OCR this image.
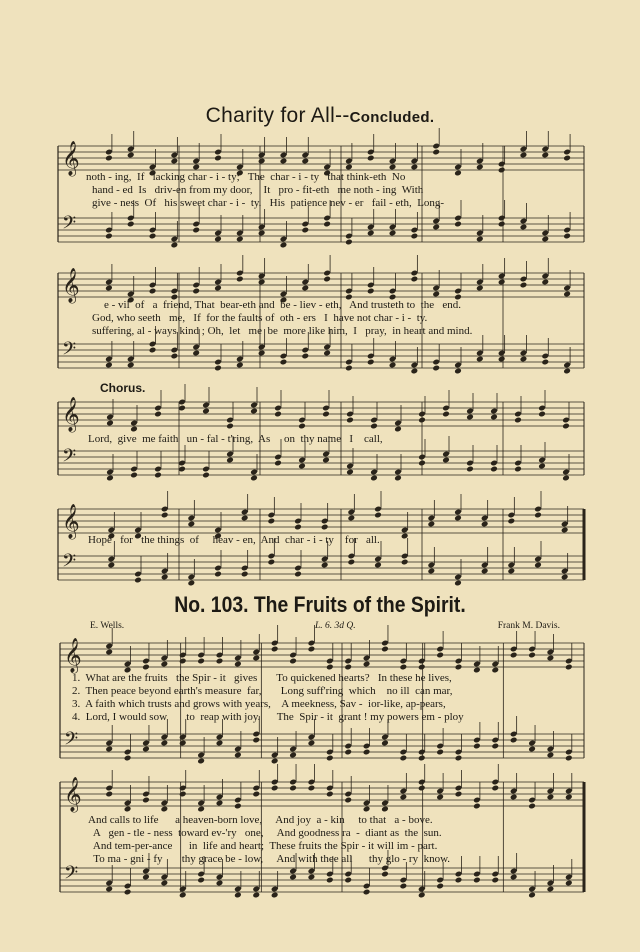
Charity for All--Concluded.
𝄞
𝄢
𝄞
𝄢
𝄞
𝄢
𝄞
𝄢
𝄞
𝄢
𝄞
𝄢
noth - ing,  If   lacking char - i - ty;   The  char - i - ty   that think-eth  No
hand - ed  Is   driv-en from my door,    It   pro - fit-eth   me noth - ing  With
give - ness  Of   his sweet char - i -  ty.   His  patience nev - er   fail - eth,  Long-
e - vil  of   a  friend, That  bear-eth and  be - liev - eth,   And trusteth to  the   end.
God, who seeth   me,   If  for the faults of  oth - ers   I  have not char - i -  ty.
suffering, al - ways kind ; Oh,  let   me  be  more like him,  I   pray,  in heart and mind.
Chorus.
Lord,  give  me faith   un - fal - t'ring,  As     on  thy name   I    call,
Hope   for   the things  of     heav - en,  And  char - i - ty    for   all.
No. 103. The Fruits of the Spirit.
E. Wells.	L. 6. 3d Q.	Frank M. Davis.
1.  What are the fruits   the Spir - it   gives       To quickened hearts?   In these he lives,
2.  Then peace beyond earth's measure  far,       Long suff'ring  which    no ill  can mar,
3.  A faith which trusts and grows with years,    A meekness, Sav -  ior-like, ap-pears,
4.  Lord, I would sow       to  reap with joy.      The  Spir - it  grant ! my powers em - ploy
And calls to life      a heaven-born love,     And joy  a - kin     to that   a - bove.
A   gen - tle - ness  toward ev-'ry   one,     And goodness ra  -  diant as  the  sun.
And tem-per-ance      in  life and heart;  These fruits the Spir - it will im - part.
To ma - gni - fy       thy grace be - low,     And with thee all      thy glo - ry  know.
